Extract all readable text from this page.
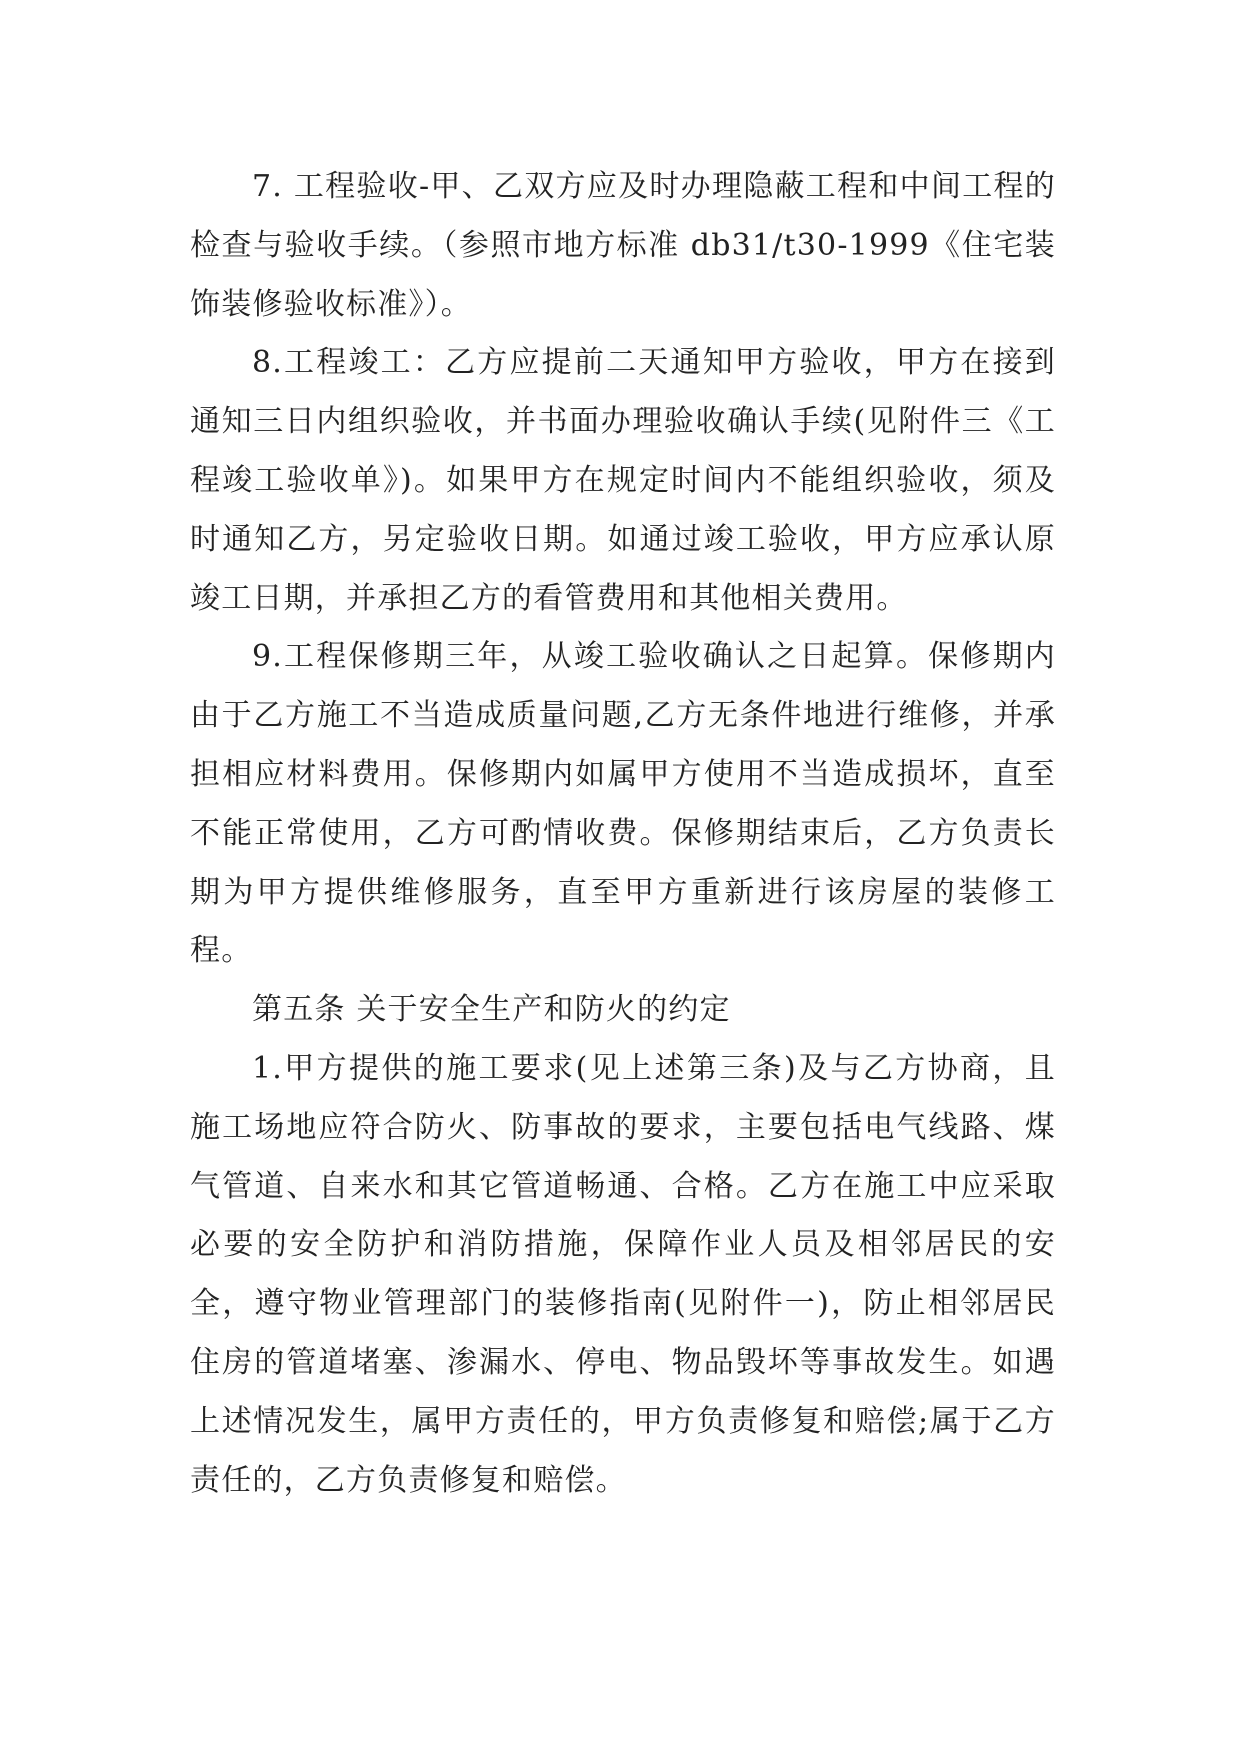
7. 工程验收-甲、乙双方应及时办理隐蔽工程和中间工程的检查与验收手续。（参照市地方标准 db31/t30-1999《住宅装饰装修验收标准》）。

8.工程竣工：乙方应提前二天通知甲方验收，甲方在接到通知三日内组织验收，并书面办理验收确认手续(见附件三《工程竣工验收单》)。如果甲方在规定时间内不能组织验收，须及时通知乙方，另定验收日期。如通过竣工验收，甲方应承认原竣工日期，并承担乙方的看管费用和其他相关费用。

9.工程保修期三年，从竣工验收确认之日起算。保修期内由于乙方施工不当造成质量问题,乙方无条件地进行维修，并承担相应材料费用。保修期内如属甲方使用不当造成损坏，直至不能正常使用，乙方可酌情收费。保修期结束后，乙方负责长期为甲方提供维修服务，直至甲方重新进行该房屋的装修工程。

第五条 关于安全生产和防火的约定

1.甲方提供的施工要求(见上述第三条)及与乙方协商，且施工场地应符合防火、防事故的要求，主要包括电气线路、煤气管道、自来水和其它管道畅通、合格。乙方在施工中应采取必要的安全防护和消防措施，保障作业人员及相邻居民的安全，遵守物业管理部门的装修指南(见附件一)，防止相邻居民住房的管道堵塞、渗漏水、停电、物品毁坏等事故发生。如遇上述情况发生，属甲方责任的，甲方负责修复和赔偿;属于乙方责任的，乙方负责修复和赔偿。
